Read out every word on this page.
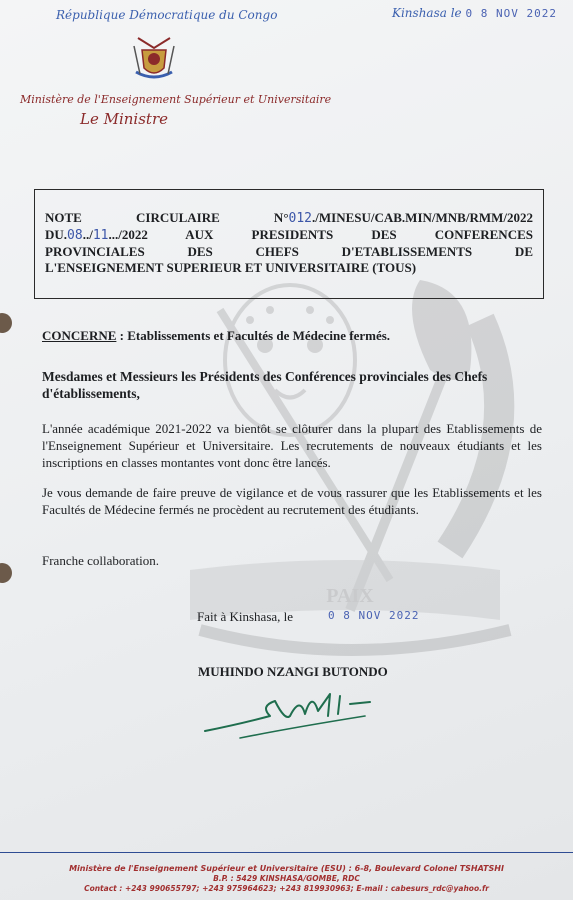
PAIX
République Démocratique du Congo	Kinshasa le 0 8 NOV 2022
Ministère de l'Enseignement Supérieur et Universitaire
Le Ministre
NOTE CIRCULAIRE N°012./MINESU/CAB.MIN/MNB/RMM/2022
DU.08../11.../2022 AUX PRESIDENTS DES CONFERENCES
PROVINCIALES DES CHEFS D'ETABLISSEMENTS DE
L'ENSEIGNEMENT SUPERIEUR ET UNIVERSITAIRE (TOUS)
CONCERNE : Etablissements et Facultés de Médecine fermés.
Mesdames et Messieurs les Présidents des Conférences provinciales des Chefs d'établissements,
L'année académique 2021-2022 va bientôt se clôturer dans la plupart des Etablissements de l'Enseignement Supérieur et Universitaire. Les recrutements de nouveaux étudiants et les inscriptions en classes montantes vont donc être lancés.
Je vous demande de faire preuve de vigilance et de vous rassurer que les Etablissements et les Facultés de Médecine fermés ne procèdent au recrutement des étudiants.
Franche collaboration.
Fait à Kinshasa, le	0 8 NOV 2022
MUHINDO NZANGI BUTONDO
Ministère de l'Enseignement Supérieur et Universitaire (ESU) : 6-8, Boulevard Colonel TSHATSHI
B.P. : 5429 KINSHASA/GOMBE, RDC
Contact : +243 990655797; +243 975964623; +243 819930963; E-mail : cabesurs_rdc@yahoo.fr
